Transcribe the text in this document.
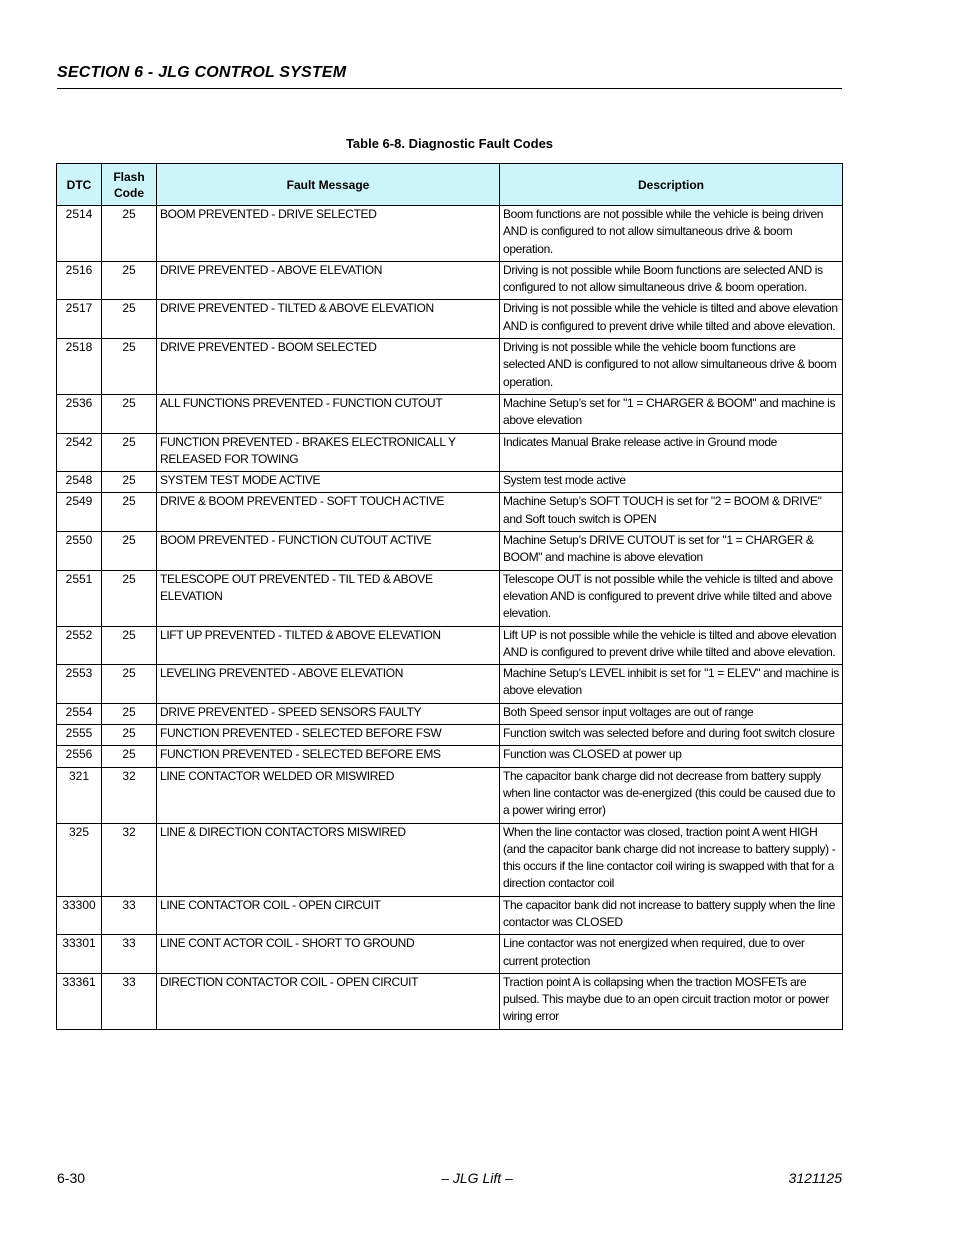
SECTION 6 - JLG CONTROL SYSTEM
Table 6-8. Diagnostic Fault Codes
DTC	Flash Code	Fault Message	Description
2514	25	BOOM PREVENTED - DRIVE SELECTED	Boom functions are not possible while the vehicle is being driven AND is configured to not allow simultaneous drive & boom operation.
2516	25	DRIVE PREVENTED - ABOVE ELEVATION	Driving is not possible while Boom functions are selected AND is configured to not allow simultaneous drive & boom operation.
2517	25	DRIVE PREVENTED - TILTED & ABOVE ELEVATION	Driving is not possible while the vehicle is tilted and above elevation AND is configured to prevent drive while tilted and above elevation.
2518	25	DRIVE PREVENTED - BOOM SELECTED	Driving is not possible while the vehicle boom functions are selected AND is configured to not allow simultaneous drive & boom operation.
2536	25	ALL FUNCTIONS PREVENTED - FUNCTION CUTOUT	Machine Setup’s set for "1 = CHARGER & BOOM" and machine is above elevation
2542	25	FUNCTION PREVENTED - BRAKES ELECTRONICALL Y RELEASED FOR TOWING	Indicates Manual Brake release active in Ground mode
2548	25	SYSTEM TEST MODE ACTIVE	System test mode active
2549	25	DRIVE & BOOM PREVENTED - SOFT TOUCH ACTIVE	Machine Setup’s SOFT TOUCH is set for "2 = BOOM & DRIVE" and Soft touch switch is OPEN
2550	25	BOOM PREVENTED - FUNCTION CUTOUT ACTIVE	Machine Setup’s DRIVE CUTOUT is set for "1 = CHARGER & BOOM" and machine is above elevation
2551	25	TELESCOPE OUT PREVENTED - TIL TED & ABOVE ELEVATION	Telescope OUT is not possible while the vehicle is tilted and above elevation AND is configured to prevent drive while tilted and above elevation.
2552	25	LIFT UP PREVENTED - TILTED & ABOVE ELEVATION	Lift UP is not possible while the vehicle is tilted and above elevation AND is configured to prevent drive while tilted and above elevation.
2553	25	LEVELING PREVENTED - ABOVE ELEVATION	Machine Setup’s LEVEL inhibit is set for "1 = ELEV" and machine is above elevation
2554	25	DRIVE PREVENTED - SPEED SENSORS FAULTY	Both Speed sensor input voltages are out of range
2555	25	FUNCTION PREVENTED - SELECTED BEFORE FSW	Function switch was selected before and during foot switch closure
2556	25	FUNCTION PREVENTED - SELECTED BEFORE EMS	Function was CLOSED at power up
321	32	LINE CONTACTOR WELDED OR MISWIRED	The capacitor bank charge did not decrease from battery supply when line contactor was de-energized (this could be caused due to a power wiring error)
325	32	LINE & DIRECTION CONTACTORS MISWIRED	When the line contactor was closed, traction point A went HIGH (and the capacitor bank charge did not increase to battery supply) - this occurs if the line contactor coil wiring is swapped with that for a direction contactor coil
33300	33	LINE CONTACTOR COIL - OPEN CIRCUIT	The capacitor bank did not increase to battery supply when the line contactor was CLOSED
33301	33	LINE CONT ACTOR COIL - SHORT TO GROUND	Line contactor was not energized when required, due to over current protection
33361	33	DIRECTION CONTACTOR COIL - OPEN CIRCUIT	Traction point A is collapsing when the traction MOSFETs are pulsed. This maybe due to an open circuit traction motor or power wiring error
6-30	– JLG Lift –	3121125
